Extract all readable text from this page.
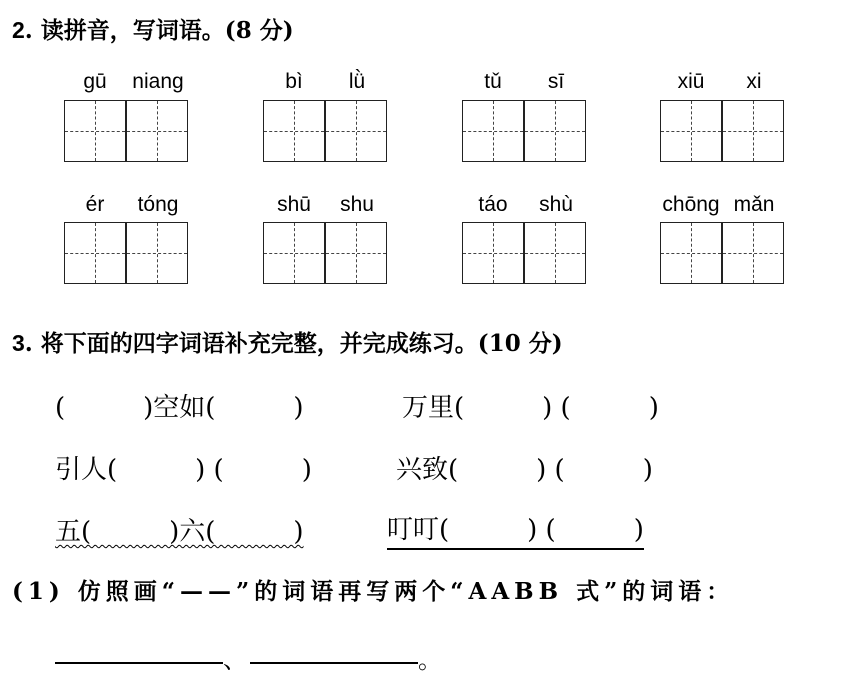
2. 读拼音，写词语。(8 分)
gū niang	bì lǜ	tǔ sī	xiū xi
ér tóng	shū shu	táo shù	chōng mǎn
3. 将下面的四字词语补充完整，并完成练习。(10 分)
(　　　)空如(　　　)	万里(　　　) (　　　)
引人(　　　) (　　　)	兴致(　　　) (　　　)
五(　　　)六(　　　)	叮叮(　　　) (　　　)
(1) 仿照画“——”的词语再写两个“AABB 式”的词语：
、	。
